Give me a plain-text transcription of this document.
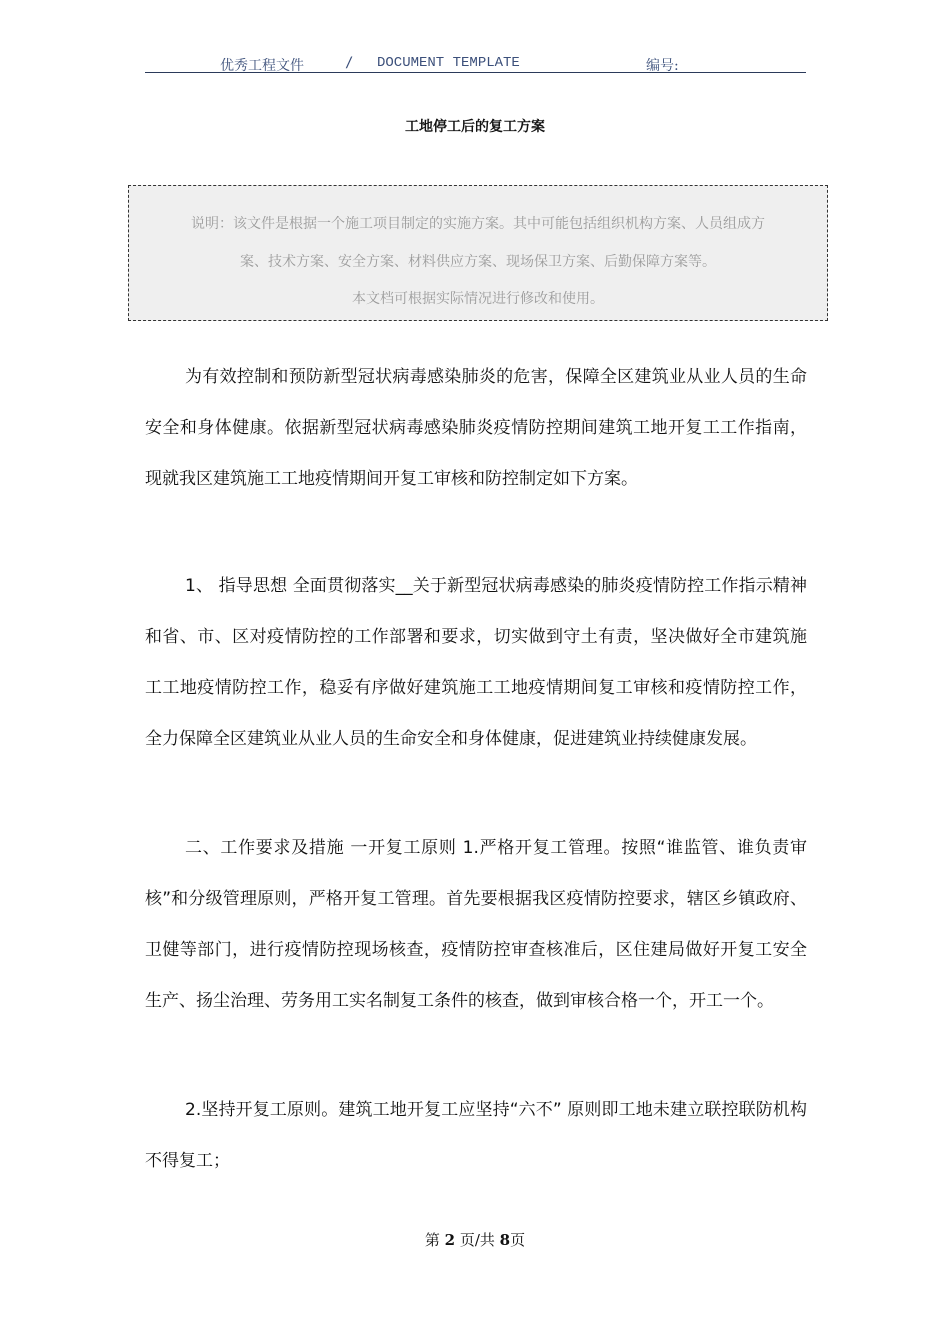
优秀工程文件	/ DOCUMENT TEMPLATE	编号:
工地停工后的复工方案

说明：该文件是根据一个施工项目制定的实施方案。其中可能包括组织机构方案、人员组成方

案、技术方案、安全方案、材料供应方案、现场保卫方案、后勤保障方案等。

本文档可根据实际情况进行修改和使用。

为有效控制和预防新型冠状病毒感染肺炎的危害，保障全区建筑业从业人员的生命安全和身体健康。依据新型冠状病毒感染肺炎疫情防控期间建筑工地开复工工作指南，现就我区建筑施工工地疫情期间开复工审核和防控制定如下方案。

1、 指导思想 全面贯彻落实__关于新型冠状病毒感染的肺炎疫情防控工作指示精神和省、市、区对疫情防控的工作部署和要求，切实做到守土有责，坚决做好全市建筑施工工地疫情防控工作，稳妥有序做好建筑施工工地疫情期间复工审核和疫情防控工作，全力保障全区建筑业从业人员的生命安全和身体健康，促进建筑业持续健康发展。

二、工作要求及措施 一开复工原则 1.严格开复工管理。按照“谁监管、谁负责审核”和分级管理原则，严格开复工管理。首先要根据我区疫情防控要求，辖区乡镇政府、卫健等部门，进行疫情防控现场核查，疫情防控审查核准后，区住建局做好开复工安全生产、扬尘治理、劳务用工实名制复工条件的核查，做到审核合格一个，开工一个。

2.坚持开复工原则。建筑工地开复工应坚持“六不” 原则即工地未建立联控联防机构不得复工；

第 2 页/共 8页
